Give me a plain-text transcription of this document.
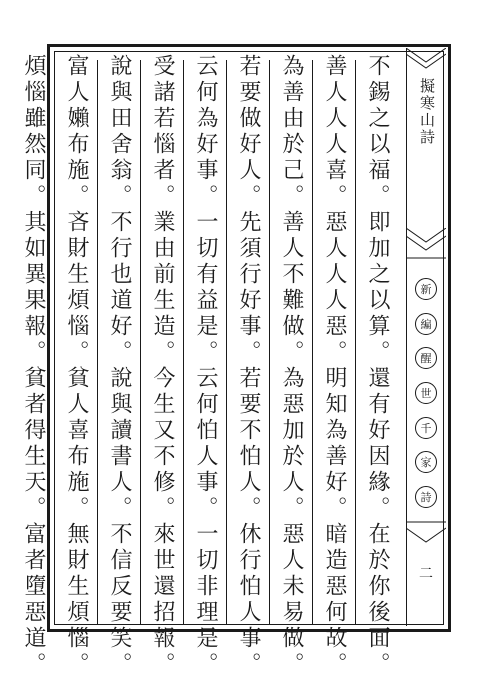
不錫之以福。即加之以算。還有好因緣。在於你後面。
善人人人喜。惡人人人惡。明知為善好。暗造惡何故。
為善由於己。善人不難做。為惡加於人。惡人未易做。
若要做好人。先須行好事。若要不怕人。休行怕人事。
云何為好事。一切有益是。云何怕人事。一切非理是。
受諸若惱者。業由前生造。今生又不修。來世還招報。
說與田舍翁。不行也道好。說與讀書人。不信反要笑。
富人嬾布施。吝財生煩惱。貧人喜布施。無財生煩惱。
煩惱雖然同。其如異果報。貧者得生天。富者墮惡道。	擬寒山詩
新
編
醒
世
千
家
詩
二
